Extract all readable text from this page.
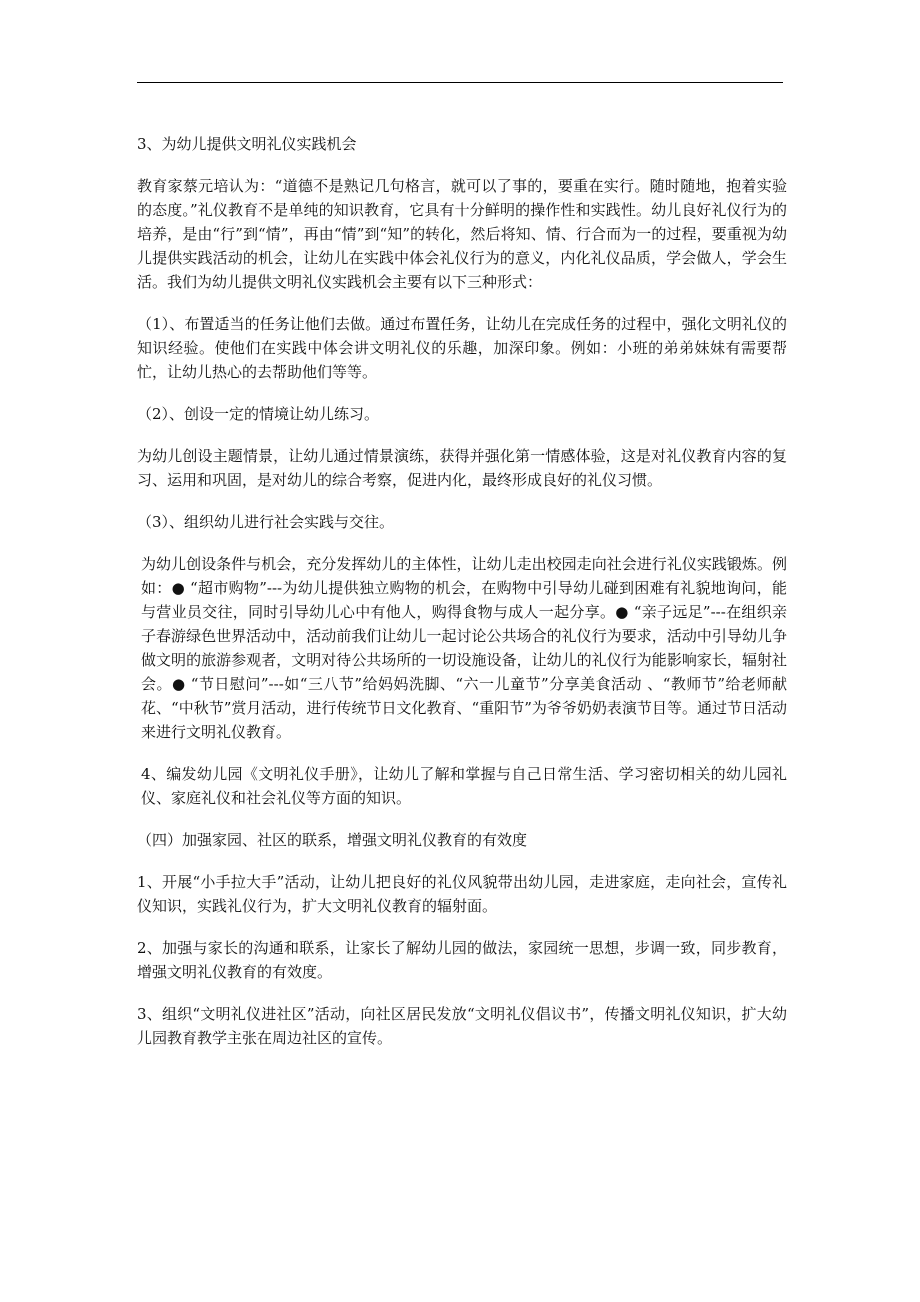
3、为幼儿提供文明礼仪实践机会

教育家蔡元培认为：“道德不是熟记几句格言，就可以了事的，要重在实行。随时随地，抱着实验的态度。”礼仪教育不是单纯的知识教育，它具有十分鲜明的操作性和实践性。幼儿良好礼仪行为的培养，是由“行”到“情”，再由“情”到“知”的转化，然后将知、情、行合而为一的过程，要重视为幼儿提供实践活动的机会，让幼儿在实践中体会礼仪行为的意义，内化礼仪品质，学会做人，学会生活。我们为幼儿提供文明礼仪实践机会主要有以下三种形式：

（1）、布置适当的任务让他们去做。通过布置任务，让幼儿在完成任务的过程中，强化文明礼仪的知识经验。使他们在实践中体会讲文明礼仪的乐趣，加深印象。例如：小班的弟弟妹妹有需要帮忙，让幼儿热心的去帮助他们等等。

（2）、创设一定的情境让幼儿练习。

为幼儿创设主题情景，让幼儿通过情景演练，获得并强化第一情感体验，这是对礼仪教育内容的复习、运用和巩固，是对幼儿的综合考察，促进内化，最终形成良好的礼仪习惯。

（3）、组织幼儿进行社会实践与交往。

为幼儿创设条件与机会，充分发挥幼儿的主体性，让幼儿走出校园走向社会进行礼仪实践锻炼。例如：● “超市购物”---为幼儿提供独立购物的机会，在购物中引导幼儿碰到困难有礼貌地询问，能与营业员交往，同时引导幼儿心中有他人，购得食物与成人一起分享。● “亲子远足”---在组织亲子春游绿色世界活动中，活动前我们让幼儿一起讨论公共场合的礼仪行为要求，活动中引导幼儿争做文明的旅游参观者，文明对待公共场所的一切设施设备，让幼儿的礼仪行为能影响家长，辐射社会。● “节日慰问”---如“三八节”给妈妈洗脚、“六一儿童节”分享美食活动 、“教师节”给老师献花、“中秋节”赏月活动，进行传统节日文化教育、“重阳节”为爷爷奶奶表演节目等。通过节日活动来进行文明礼仪教育。

4、编发幼儿园《文明礼仪手册》，让幼儿了解和掌握与自己日常生活、学习密切相关的幼儿园礼仪、家庭礼仪和社会礼仪等方面的知识。

（四）加强家园、社区的联系，增强文明礼仪教育的有效度

1、开展“小手拉大手”活动，让幼儿把良好的礼仪风貌带出幼儿园，走进家庭，走向社会，宣传礼仪知识，实践礼仪行为，扩大文明礼仪教育的辐射面。

2、加强与家长的沟通和联系，让家长了解幼儿园的做法，家园统一思想，步调一致，同步教育，增强文明礼仪教育的有效度。

3、组织“文明礼仪进社区”活动，向社区居民发放“文明礼仪倡议书”，传播文明礼仪知识，扩大幼儿园教育教学主张在周边社区的宣传。
